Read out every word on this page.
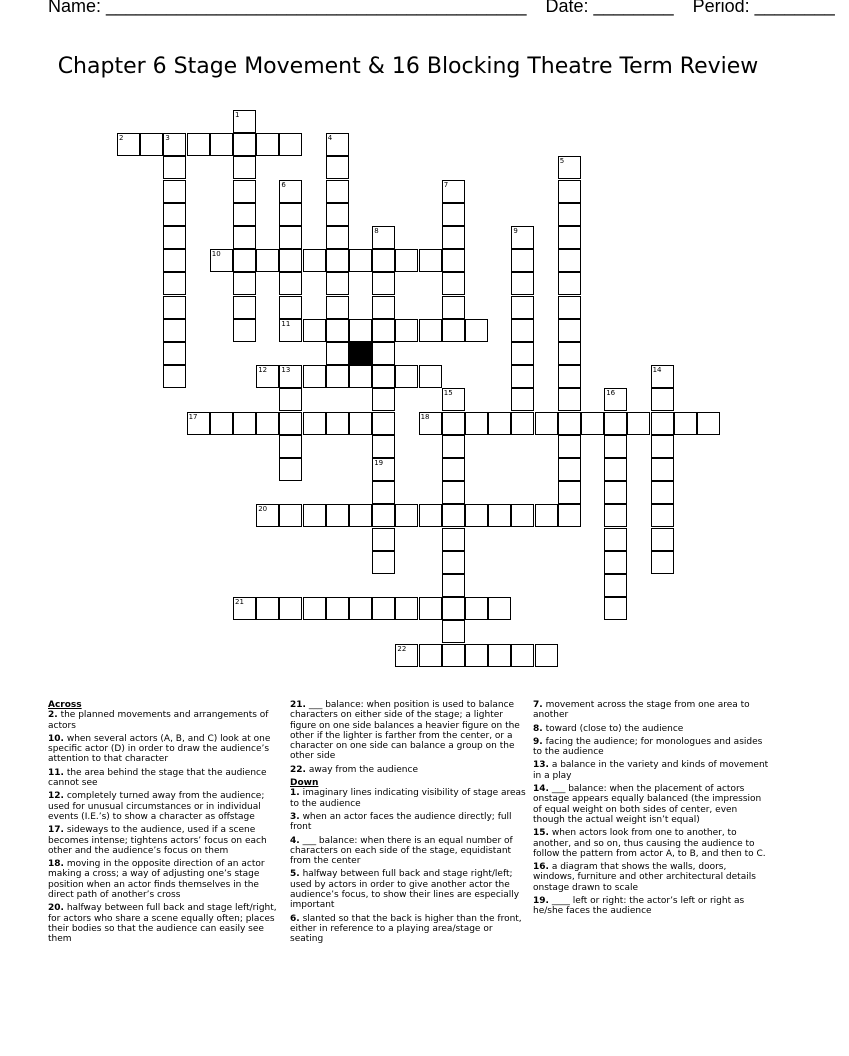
Name: __________________________________________ Date: ________ Period: ________
Chapter 6 Stage Movement & 16 Blocking Theatre Term Review
1
2	3	4
5
6	7
8	9
10
11
12 13	14
15	16
17	18
19
20
21
22
Across
2. the planned movements and arrangements of actors
10. when several actors (A, B, and C) look at one specific actor (D) in order to draw the audience’s attention to that character
11. the area behind the stage that the audience cannot see
12. completely turned away from the audience; used for unusual circumstances or in individual events (I.E.’s) to show a character as offstage
17. sideways to the audience, used if a scene becomes intense; tightens actors’ focus on each other and the audience’s focus on them
18. moving in the opposite direction of an actor making a cross; a way of adjusting one’s stage position when an actor finds themselves in the direct path of another’s cross
20. halfway between full back and stage left/right, for actors who share a scene equally often; places their bodies so that the audience can easily see them
21. ___ balance: when position is used to balance characters on either side of the stage; a lighter figure on one side balances a heavier figure on the other if the lighter is farther from the center, or a character on one side can balance a group on the other side
22. away from the audience
Down
1. imaginary lines indicating visibility of stage areas to the audience
3. when an actor faces the audience directly; full front
4. ___ balance: when there is an equal number of characters on each side of the stage, equidistant from the center
5. halfway between full back and stage right/left; used by actors in order to give another actor the audience’s focus, to show their lines are especially important
6. slanted so that the back is higher than the front, either in reference to a playing area/stage or seating
7. movement across the stage from one area to another
8. toward (close to) the audience
9. facing the audience; for monologues and asides to the audience
13. a balance in the variety and kinds of movement in a play
14. ___ balance: when the placement of actors onstage appears equally balanced (the impression of equal weight on both sides of center, even though the actual weight isn’t equal)
15. when actors look from one to another, to another, and so on, thus causing the audience to follow the pattern from actor A, to B, and then to C.
16. a diagram that shows the walls, doors, windows, furniture and other architectural details onstage drawn to scale
19. ____ left or right: the actor’s left or right as he/she faces the audience
